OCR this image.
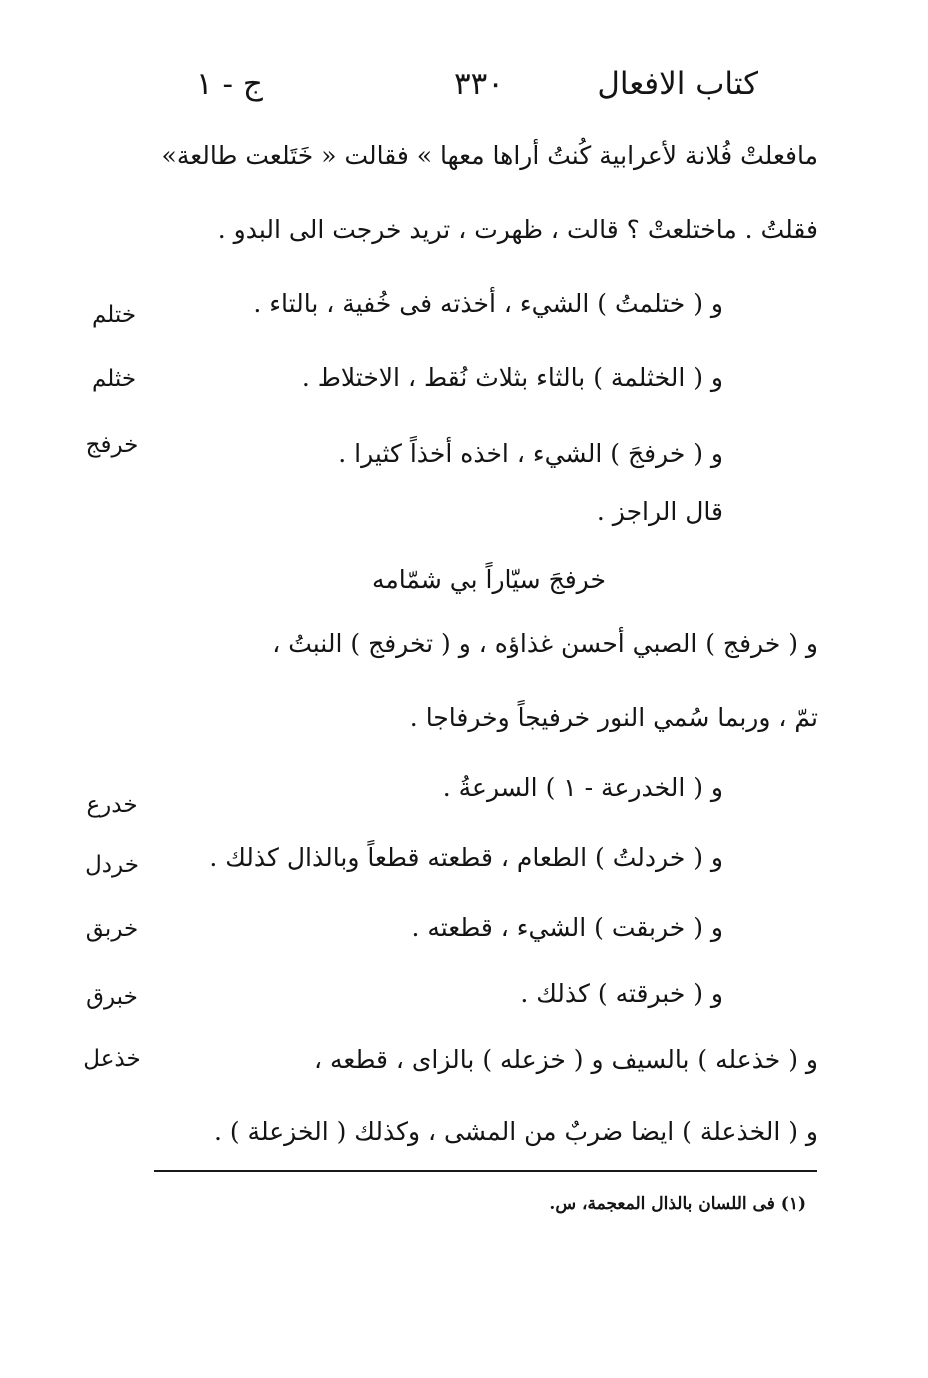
كتاب الافعال
٣٣٠
ج - ١
مافعلتْ فُلانة لأعرابية كُنتُ أراها معها » فقالت « خَتَلعت طالعة»
فقلتُ . ماختلعتْ ؟ قالت ، ظهرت ، تريد خرجت الى البدو .
و ( ختلمتُ ) الشيء ، أخذته فى خُفية ، بالتاء .
و ( الخثلمة ) بالثاء بثلاث نُقط ، الاختلاط .
و ( خرفجَ ) الشيء ، اخذه أخذاً كثيرا .
قال الراجز .
خرفجَ سيّاراً بي شمّامه
و ( خرفج ) الصبي أحسن غذاؤه ، و ( تخرفج ) النبتُ ،
تمّ ، وربما سُمي النور خرفيجاً وخرفاجا .
و ( الخدرعة - ١ ) السرعةُ .
و ( خردلتُ ) الطعام ، قطعته قطعاً وبالذال كذلك .
و ( خربقت ) الشيء ، قطعته .
و ( خبرقته ) كذلك .
و ( خذعله ) بالسيف و ( خزعله ) بالزاى ، قطعه ،
و ( الخذعلة ) ايضا ضربٌ من المشى ، وكذلك ( الخزعلة ) .
ختلم
خثلم
خرفج
خدرع
خردل
خربق
خبرق
خذعل
(١) فى اللسان بالذال المعجمة، س.
